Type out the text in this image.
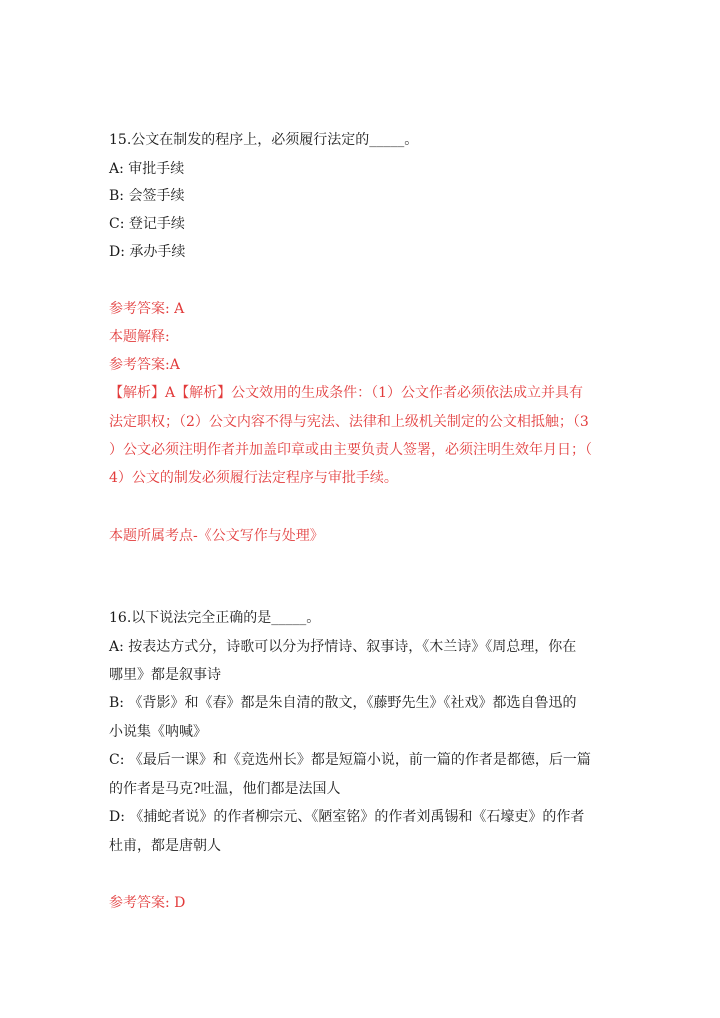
15.公文在制发的程序上，必须履行法定的_____。
A: 审批手续
B: 会签手续
C: 登记手续
D: 承办手续
参考答案: A
本题解释:
参考答案:A
【解析】A【解析】公文效用的生成条件：（1）公文作者必须依法成立并具有
法定职权；（2）公文内容不得与宪法、法律和上级机关制定的公文相抵触；（3
）公文必须注明作者并加盖印章或由主要负责人签署，必须注明生效年月日；（
4）公文的制发必须履行法定程序与审批手续。
本题所属考点-《公文写作与处理》
16.以下说法完全正确的是_____。
A: 按表达方式分，诗歌可以分为抒情诗、叙事诗，《木兰诗》《周总理，你在
哪里》都是叙事诗
B: 《背影》和《春》都是朱自清的散文，《藤野先生》《社戏》都选自鲁迅的
小说集《呐喊》
C: 《最后一课》和《竞选州长》都是短篇小说，前一篇的作者是都德，后一篇
的作者是马克?吐温，他们都是法国人
D: 《捕蛇者说》的作者柳宗元、《陋室铭》的作者刘禹锡和《石壕吏》的作者
杜甫，都是唐朝人
参考答案: D
